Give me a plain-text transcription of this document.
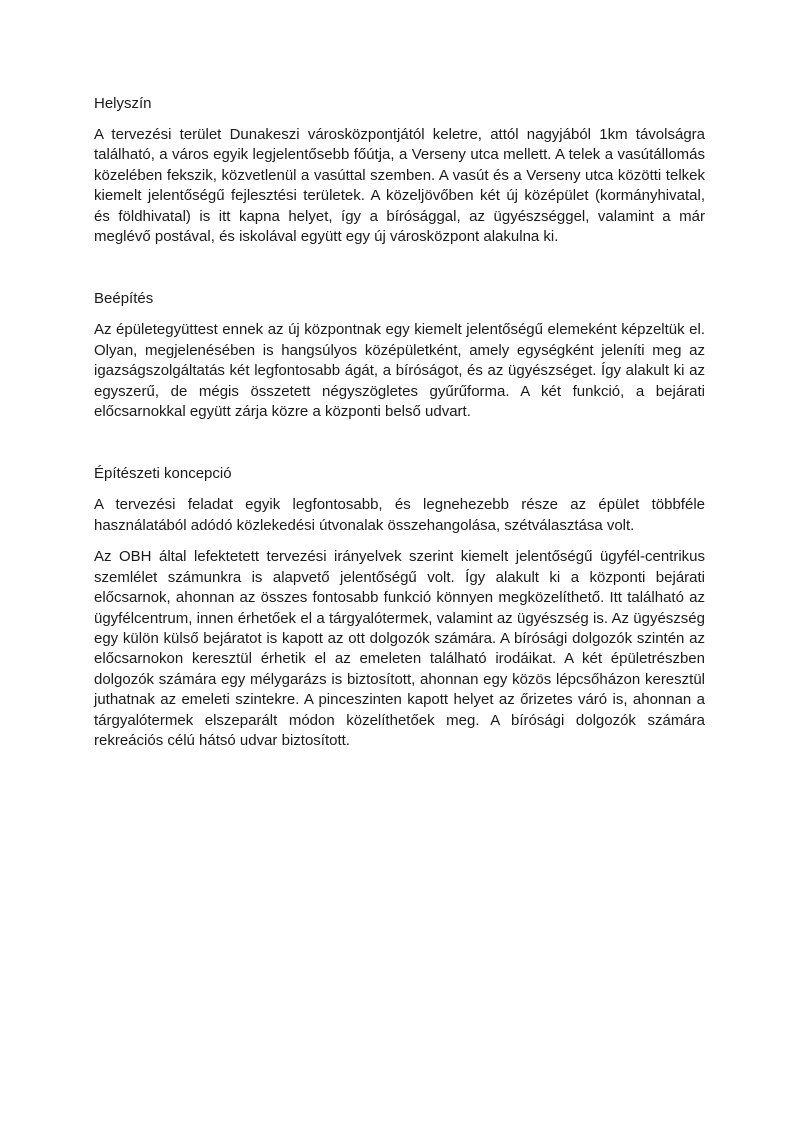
Helyszín

A tervezési terület Dunakeszi városközpontjától keletre, attól nagyjából 1km távolságra található, a város egyik legjelentősebb főútja, a Verseny utca mellett. A telek a vasútállomás közelében fekszik, közvetlenül a vasúttal szemben. A vasút és a Verseny utca közötti telkek kiemelt jelentőségű fejlesztési területek. A közeljövőben két új középület (kormányhivatal, és földhivatal) is itt kapna helyet, így a bírósággal, az ügyészséggel, valamint a már meglévő postával, és iskolával együtt egy új városközpont alakulna ki.

Beépítés

Az épületegyüttest ennek az új központnak egy kiemelt jelentőségű elemeként képzeltük el. Olyan, megjelenésében is hangsúlyos középületként, amely egységként jeleníti meg az igazságszolgáltatás két legfontosabb ágát, a bíróságot, és az ügyészséget. Így alakult ki az egyszerű, de mégis összetett négyszögletes gyűrűforma. A két funkció, a bejárati előcsarnokkal együtt zárja közre a központi belső udvart.

Építészeti koncepció

A tervezési feladat egyik legfontosabb, és legnehezebb része az épület többféle használatából adódó közlekedési útvonalak összehangolása, szétválasztása volt.

Az OBH által lefektetett tervezési irányelvek szerint kiemelt jelentőségű ügyfél-centrikus szemlélet számunkra is alapvető jelentőségű volt. Így alakult ki a központi bejárati előcsarnok, ahonnan az összes fontosabb funkció könnyen megközelíthető. Itt található az ügyfélcentrum, innen érhetőek el a tárgyalótermek, valamint az ügyészség is. Az ügyészség egy külön külső bejáratot is kapott az ott dolgozók számára. A bírósági dolgozók szintén az előcsarnokon keresztül érhetik el az emeleten található irodáikat. A két épületrészben dolgozók számára egy mélygarázs is biztosított, ahonnan egy közös lépcsőházon keresztül juthatnak az emeleti szintekre. A pinceszinten kapott helyet az őrizetes váró is, ahonnan a tárgyalótermek elszeparált módon közelíthetőek meg. A bírósági dolgozók számára rekreációs célú hátsó udvar biztosított.
